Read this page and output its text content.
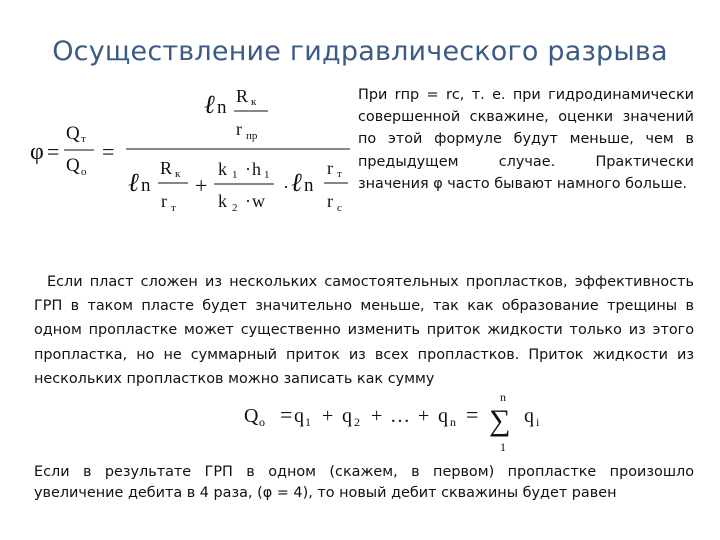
Осуществление гидравлического разрыва
φ =
Q т
Q о
=
ℓ n
R к
r пр
ℓ n
R к
r т
+
k 1 · h 1
k 2 · w
· ℓ n
r т
r с
Q о = q 1 + q 2 + … + q n =
n
∑
1
q i
При rпр = rс, т. е. при гидродинамически совершенной скважине, оценки значений по этой формуле будут меньше, чем в предыдущем случае. Практически значения φ часто бывают намного больше.
Если пласт сложен из нескольких самостоятельных пропластков, эффективность ГРП в таком пласте будет значительно меньше, так как образование трещины в одном пропластке может существенно изменить приток жидкости только из этого пропластка, но не суммарный приток из всех пропластков. Приток жидкости из нескольких пропластков можно записать как сумму
Если в результате ГРП в одном (скажем, в первом) пропластке произошло увеличение дебита в 4 раза, (φ = 4), то новый дебит скважины будет равен
